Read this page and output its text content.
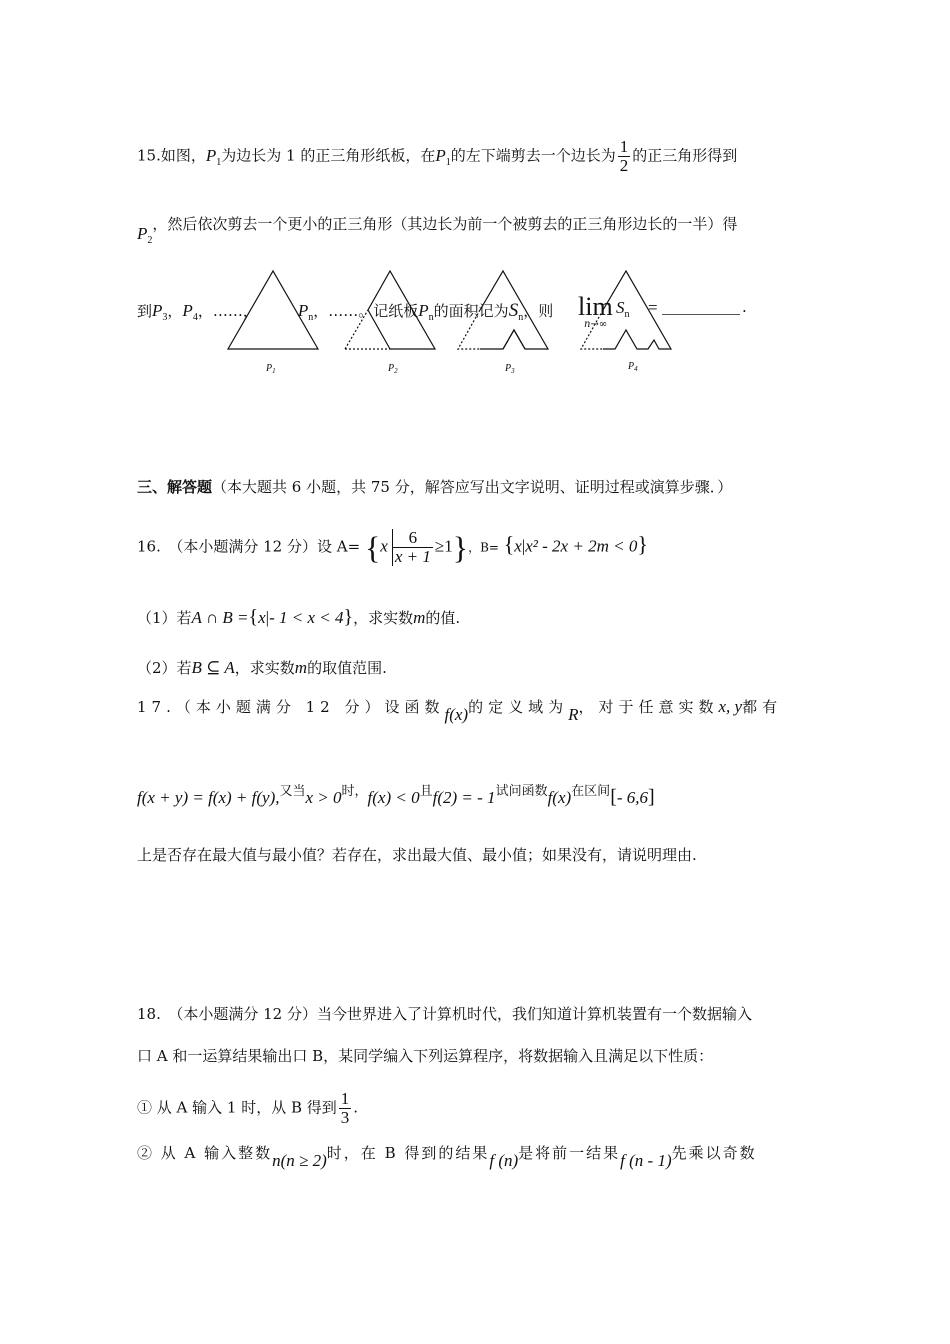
15.如图，$P_1$为边长为 1 的正三角形纸板，在$P_1$的左下端剪去一个边长为 $\frac{1}{2}$ 的正三角形得到
$P_2$，然后依次剪去一个更小的正三角形（其边长为前一个被剪去的正三角形边长的一半）得
到$P_3$，$P_4$，……， $P_n$，……。记纸板$P_n$的面积记为$S_n$，则 $\lim S_n$ =
n→∞
.
$P_1$	$P_2$	$P_3$	$P_4$
三、解答题（本大题共 6 小题，共 75 分，解答应写出文字说明、证明过程或演算步骤．）
16.　（本小题满分 12 分）设 $A= \{x \frac{6}{x + 1} \ge 1\}$，B= {x|x² - 2x + 2m < 0}
（1）若A ∩ B ={x|- 1 < x < 4}，求实数m的值.
（2）若B ⊆ A，求实数m的取值范围.
17.（本小题满分 12 分）设函数f(x)的定义域为R，对于任意实数x, y都有
f(x + y) = f(x) + f(y),又当x > 0时，f(x) < 0且f(2) = - 1试问函数f(x)在区间[- 6,6]
上是否存在最大值与最小值？若存在，求出最大值、最小值；如果没有，请说明理由.
18.　（本小题满分 12 分）当今世界进入了计算机时代，我们知道计算机装置有一个数据输入
口 A 和一运算结果输出口 B，某同学编入下列运算程序，将数据输入且满足以下性质：
① 从 A 输入 1 时，从 B 得到 $\frac{1}{3}$ .
② 从 A 输入整数n(n ≥ 2)时，在 B 得到的结果f (n)是将前一结果f (n - 1)先乘以奇数
